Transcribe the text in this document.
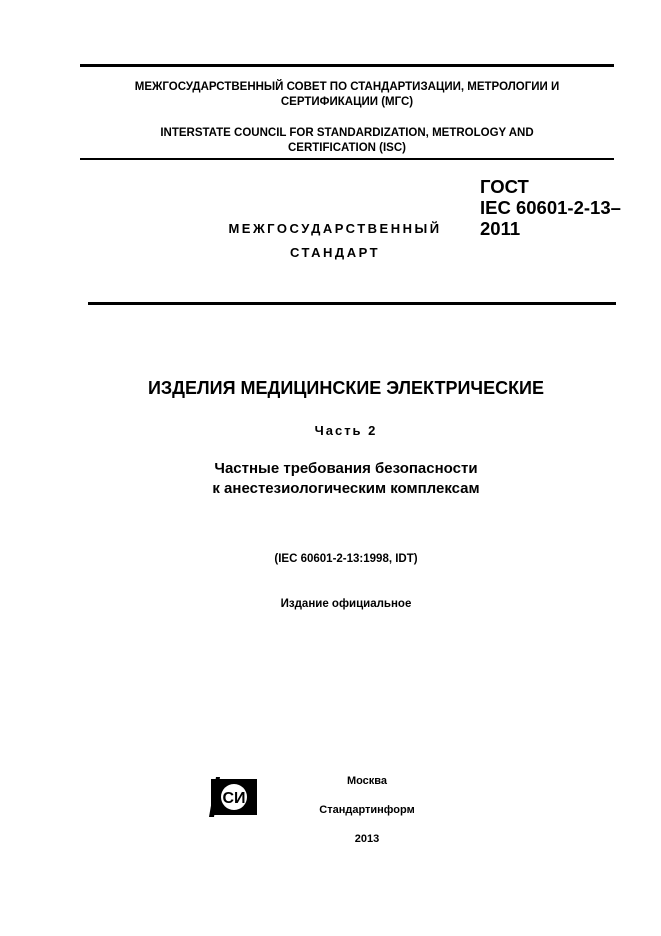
МЕЖГОСУДАРСТВЕННЫЙ СОВЕТ ПО СТАНДАРТИЗАЦИИ, МЕТРОЛОГИИ И
СЕРТИФИКАЦИИ (МГС)
INTERSTATE COUNCIL FOR STANDARDIZATION, METROLOGY AND
CERTIFICATION (ISC)
МЕЖГОСУДАРСТВЕННЫЙ
СТАНДАРТ
ГОСТ
IEC 60601-2-13–
2011
ИЗДЕЛИЯ МЕДИЦИНСКИЕ ЭЛЕКТРИЧЕСКИЕ
Часть 2
Частные требования безопасности
к анестезиологическим комплексам
(IEC 60601-2-13:1998, IDT)
Издание официальное
СИ
Москва
Стандартинформ
2013
